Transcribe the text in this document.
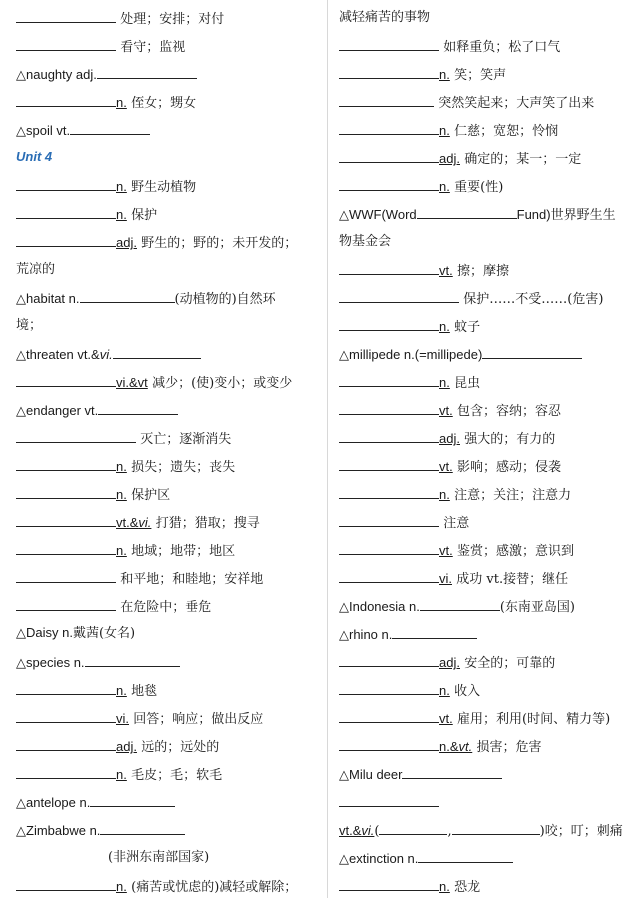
处理；安排；对付
看守；监视
△naughty adj.
n. 侄女；甥女
△spoil vt.
Unit 4
n. 野生动植物
n. 保护
adj. 野生的；野的；未开发的；
荒凉的
△habitat n.	(动植物的)自然环
境；
△threaten vt.&vi.
vi.&vt 减少；(使)变小；或变少
△endanger vt.
灭亡；逐渐消失
n. 损失；遗失；丧失
n. 保护区
vt.&vi. 打猎；猎取；搜寻
n. 地域；地带；地区
和平地；和睦地；安祥地
在危险中；垂危
△Daisy n.戴茜(女名)
△species n.
n. 地毯
vi. 回答；响应；做出反应
adj. 远的；远处的
n. 毛皮；毛；软毛
△antelope n.
△Zimbabwe n.
(非洲东南部国家)
n. (痛苦或忧虑的)减轻或解除；
减轻痛苦的事物
如释重负；松了口气
n. 笑；笑声
突然笑起来；大声笑了出来
n. 仁慈；宽恕；怜悯
adj. 确定的；某一；一定
n. 重要(性)
△WWF(Word	Fund)世界野生生
物基金会
vt. 擦；摩擦
保护……不受……(危害)
n. 蚊子
△millipede n.(=millipede)
n. 昆虫
vt. 包含；容纳；容忍
adj. 强大的；有力的
vt. 影响；感动；侵袭
n. 注意；关注；注意力
注意
vt. 鉴赏；感激；意识到
vi. 成功 vt.接替；继任
△Indonesia n.	(东南亚岛国)
△rhino n.
adj. 安全的；可靠的
n. 收入
vt. 雇用；利用(时间、精力等)
n.&vt. 损害；危害
△Milu deer
vt.&vi.(	,	)咬；叮；刺痛
△extinction n.
n. 恐龙
